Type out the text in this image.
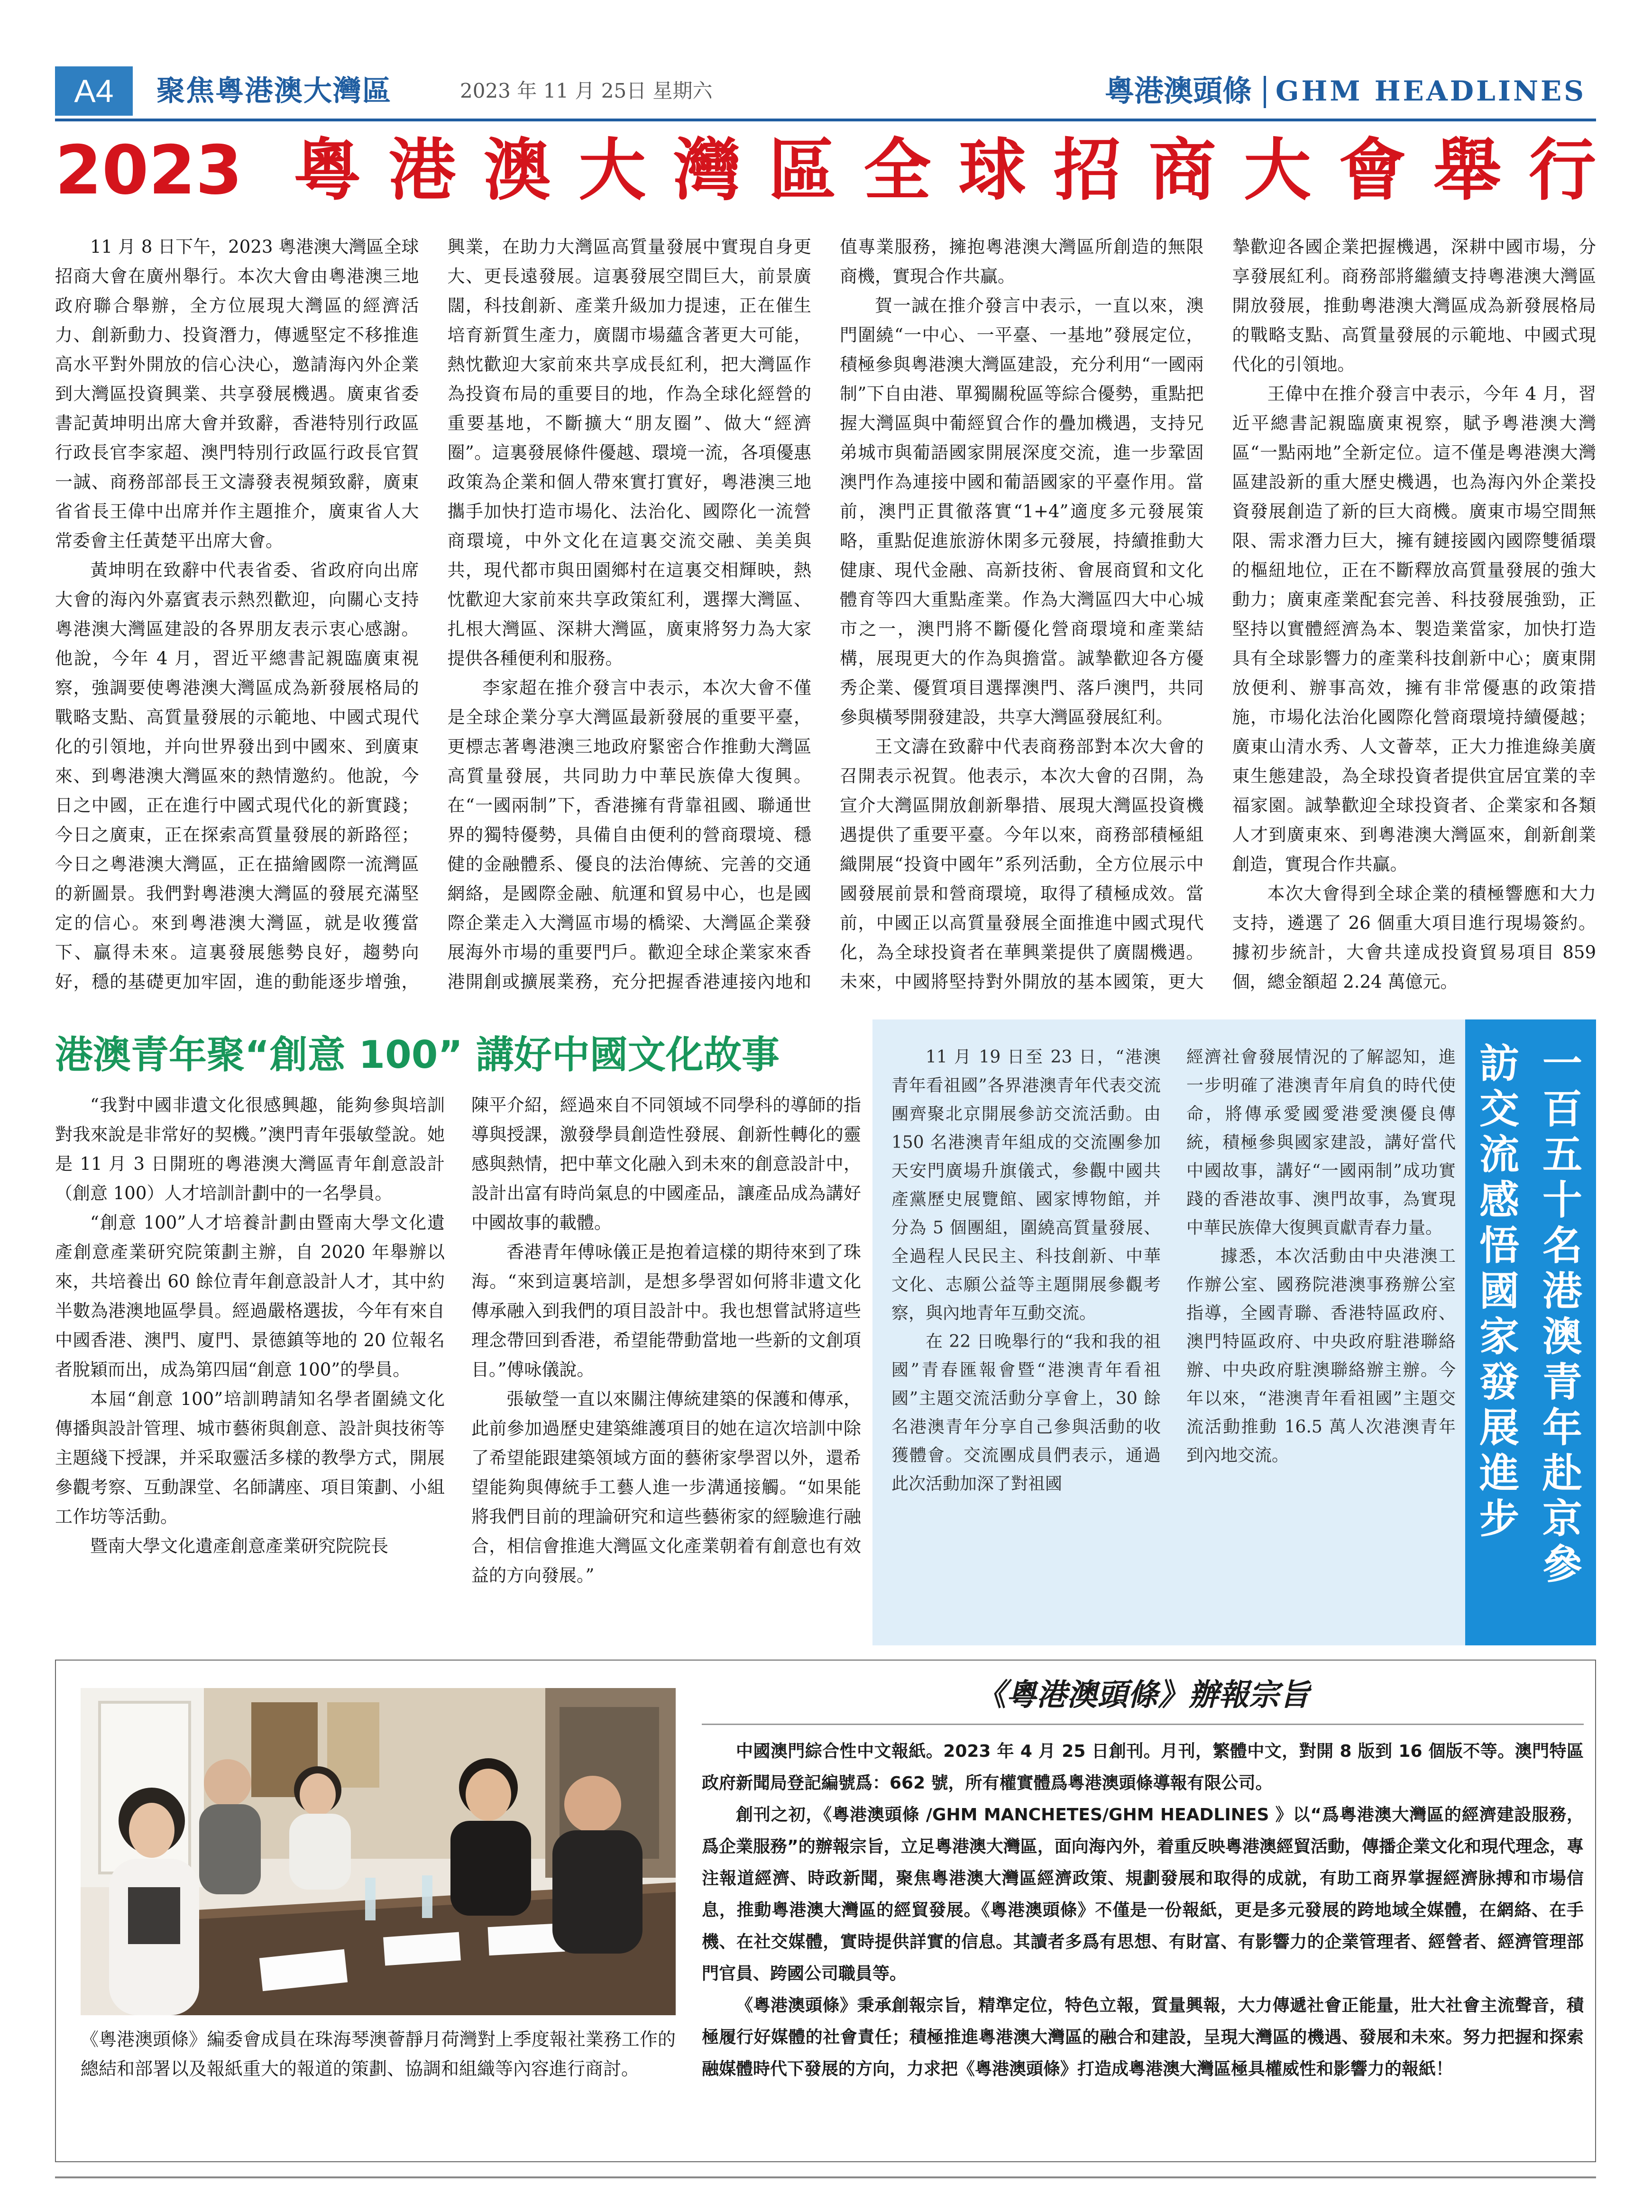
A4	聚焦粵港澳大灣區	2023 年 11 月 25日 星期六	粵港澳頭條 GHM HEADLINES
2023 粵港澳大灣區全球招商大會舉行

11 月 8 日下午，2023 粵港澳大灣區全球招商大會在廣州舉行。本次大會由粵港澳三地政府聯合舉辦，全方位展現大灣區的經濟活力、創新動力、投資潛力，傳遞堅定不移推進高水平對外開放的信心決心，邀請海內外企業到大灣區投資興業、共享發展機遇。廣東省委書記黃坤明出席大會并致辭，香港特別行政區行政長官李家超、澳門特別行政區行政長官賀一誠、商務部部長王文濤發表視頻致辭，廣東省省長王偉中出席并作主題推介，廣東省人大常委會主任黃楚平出席大會。

黃坤明在致辭中代表省委、省政府向出席大會的海內外嘉賓表示熱烈歡迎，向關心支持粵港澳大灣區建設的各界朋友表示衷心感謝。他說，今年 4 月，習近平總書記親臨廣東視察，強調要使粵港澳大灣區成為新發展格局的戰略支點、高質量發展的示範地、中國式現代化的引領地，并向世界發出到中國來、到廣東來、到粵港澳大灣區來的熱情邀約。他說，今日之中國，正在進行中國式現代化的新實踐；今日之廣東，正在探索高質量發展的新路徑；今日之粵港澳大灣區，正在描繪國際一流灣區的新圖景。我們對粵港澳大灣區的發展充滿堅定的信心。來到粵港澳大灣區，就是收獲當下、贏得未來。這裏發展態勢良好，趨勢向好，穩的基礎更加牢固，進的動能逐步增強，

興業，在助力大灣區高質量發展中實現自身更大、更長遠發展。這裏發展空間巨大，前景廣闊，科技創新、產業升級加力提速，正在催生培育新質生產力，廣闊市場蘊含著更大可能，熱忱歡迎大家前來共享成長紅利，把大灣區作為投資布局的重要目的地，作為全球化經營的重要基地，不斷擴大“朋友圈”、做大“經濟圈”。這裏發展條件優越、環境一流，各項優惠政策為企業和個人帶來實打實好，粵港澳三地攜手加快打造市場化、法治化、國際化一流營商環境，中外文化在這裏交流交融、美美與共，現代都市與田園鄉村在這裏交相輝映，熱忱歡迎大家前來共享政策紅利，選擇大灣區、扎根大灣區、深耕大灣區，廣東將努力為大家提供各種便利和服務。

李家超在推介發言中表示，本次大會不僅是全球企業分享大灣區最新發展的重要平臺，更標志著粵港澳三地政府緊密合作推動大灣區高質量發展，共同助力中華民族偉大復興。在“一國兩制”下，香港擁有背靠祖國、聯通世界的獨特優勢，具備自由便利的營商環境、穩健的金融體系、優良的法治傳統、完善的交通網絡，是國際金融、航運和貿易中心，也是國際企業走入大灣區市場的橋梁、大灣區企業發展海外市場的重要門戶。歡迎全球企業家來香港開創或擴展業務，充分把握香港連接內地和

值專業服務，擁抱粵港澳大灣區所創造的無限商機，實現合作共贏。

賀一誠在推介發言中表示，一直以來，澳門圍繞“一中心、一平臺、一基地”發展定位，積極參與粵港澳大灣區建設，充分利用“一國兩制”下自由港、單獨關稅區等綜合優勢，重點把握大灣區與中葡經貿合作的疊加機遇，支持兄弟城市與葡語國家開展深度交流，進一步鞏固澳門作為連接中國和葡語國家的平臺作用。當前，澳門正貫徹落實“1+4”適度多元發展策略，重點促進旅游休閑多元發展，持續推動大健康、現代金融、高新技術、會展商貿和文化體育等四大重點產業。作為大灣區四大中心城市之一，澳門將不斷優化營商環境和產業結構，展現更大的作為與擔當。誠摯歡迎各方優秀企業、優質項目選擇澳門、落戶澳門，共同參與橫琴開發建設，共享大灣區發展紅利。

王文濤在致辭中代表商務部對本次大會的召開表示祝賀。他表示，本次大會的召開，為宣介大灣區開放創新舉措、展現大灣區投資機遇提供了重要平臺。今年以來，商務部積極組織開展“投資中國年”系列活動，全方位展示中國發展前景和營商環境，取得了積極成效。當前，中國正以高質量發展全面推進中國式現代化，為全球投資者在華興業提供了廣闊機遇。未來，中國將堅持對外開放的基本國策，更大

摯歡迎各國企業把握機遇，深耕中國市場，分享發展紅利。商務部將繼續支持粵港澳大灣區開放發展，推動粵港澳大灣區成為新發展格局的戰略支點、高質量發展的示範地、中國式現代化的引領地。

王偉中在推介發言中表示，今年 4 月，習近平總書記親臨廣東視察，賦予粵港澳大灣區“一點兩地”全新定位。這不僅是粵港澳大灣區建設新的重大歷史機遇，也為海內外企業投資發展創造了新的巨大商機。廣東市場空間無限、需求潛力巨大，擁有鏈接國內國際雙循環的樞紐地位，正在不斷釋放高質量發展的強大動力；廣東產業配套完善、科技發展強勁，正堅持以實體經濟為本、製造業當家，加快打造具有全球影響力的產業科技創新中心；廣東開放便利、辦事高效，擁有非常優惠的政策措施，市場化法治化國際化營商環境持續優越；廣東山清水秀、人文薈萃，正大力推進綠美廣東生態建設，為全球投資者提供宜居宜業的幸福家園。誠摯歡迎全球投資者、企業家和各類人才到廣東來、到粵港澳大灣區來，創新創業創造，實現合作共贏。

本次大會得到全球企業的積極響應和大力支持，遴選了 26 個重大項目進行現場簽約。據初步統計，大會共達成投資貿易項目 859 個，總金額超 2.24 萬億元。

港澳青年聚“創意 100” 講好中國文化故事

“我對中國非遺文化很感興趣，能夠參與培訓對我來說是非常好的契機。”澳門青年張敏瑩說。她是 11 月 3 日開班的粵港澳大灣區青年創意設計（創意 100）人才培訓計劃中的一名學員。

“創意 100”人才培養計劃由暨南大學文化遺產創意產業研究院策劃主辦，自 2020 年舉辦以來，共培養出 60 餘位青年創意設計人才，其中約半數為港澳地區學員。經過嚴格選拔，今年有來自中國香港、澳門、廈門、景德鎮等地的 20 位報名者脫穎而出，成為第四屆“創意 100”的學員。

本屆“創意 100”培訓聘請知名學者圍繞文化傳播與設計管理、城市藝術與創意、設計與技術等主題綫下授課，并采取靈活多樣的教學方式，開展參觀考察、互動課堂、名師講座、項目策劃、小組工作坊等活動。

暨南大學文化遺產創意產業研究院院長

陳平介紹，經過來自不同領域不同學科的導師的指導與授課，激發學員創造性發展、創新性轉化的靈感與熱情，把中華文化融入到未來的創意設計中，設計出富有時尚氣息的中國產品，讓產品成為講好中國故事的載體。

香港青年傅咏儀正是抱着這樣的期待來到了珠海。“來到這裏培訓，是想多學習如何將非遺文化傳承融入到我們的項目設計中。我也想嘗試將這些理念帶回到香港，希望能帶動當地一些新的文創項目。”傅咏儀說。

張敏瑩一直以來關注傳統建築的保護和傳承，此前參加過歷史建築維護項目的她在這次培訓中除了希望能跟建築領域方面的藝術家學習以外，還希望能夠與傳統手工藝人進一步溝通接觸。“如果能將我們目前的理論研究和這些藝術家的經驗進行融合，相信會推進大灣區文化產業朝着有創意也有效益的方向發展。”

一百五十名港澳青年赴京參
訪交流 感悟國家發展進步

11 月 19 日至 23 日，“港澳青年看祖國”各界港澳青年代表交流團齊聚北京開展參訪交流活動。由 150 名港澳青年組成的交流團參加天安門廣場升旗儀式，參觀中國共產黨歷史展覽館、國家博物館，并分為 5 個團組，圍繞高質量發展、全過程人民民主、科技創新、中華文化、志願公益等主題開展參觀考察，與內地青年互動交流。

在 22 日晚舉行的“我和我的祖國”青春匯報會暨“港澳青年看祖國”主題交流活動分享會上，30 餘名港澳青年分享自己參與活動的收獲體會。交流團成員們表示，通過此次活動加深了對祖國

經濟社會發展情況的了解認知，進一步明確了港澳青年肩負的時代使命，將傳承愛國愛港愛澳優良傳統，積極參與國家建設，講好當代中國故事，講好“一國兩制”成功實踐的香港故事、澳門故事，為實現中華民族偉大復興貢獻青春力量。

據悉，本次活動由中央港澳工作辦公室、國務院港澳事務辦公室指導，全國青聯、香港特區政府、澳門特區政府、中央政府駐港聯絡辦、中央政府駐澳聯絡辦主辦。今年以來，“港澳青年看祖國”主題交流活動推動 16.5 萬人次港澳青年到內地交流。

《粵港澳頭條》編委會成員在珠海琴澳薈靜月荷灣對上季度報社業務工作的總結和部署以及報紙重大的報道的策劃、協調和組織等內容進行商討。
《粵港澳頭條》辦報宗旨

中國澳門綜合性中文報紙。2023 年 4 月 25 日創刊。月刊，繁體中文，對開 8 版到 16 個版不等。澳門特區政府新聞局登記編號爲：662 號，所有權實體爲粵港澳頭條導報有限公司。

創刊之初，《粵港澳頭條 /GHM MANCHETES/GHM HEADLINES 》以“爲粵港澳大灣區的經濟建設服務，爲企業服務”的辦報宗旨，立足粵港澳大灣區，面向海內外，着重反映粵港澳經貿活動，傳播企業文化和現代理念，專注報道經濟、時政新聞，聚焦粵港澳大灣區經濟政策、規劃發展和取得的成就，有助工商界掌握經濟脉搏和市場信息，推動粵港澳大灣區的經貿發展。《粵港澳頭條》不僅是一份報紙，更是多元發展的跨地域全媒體，在網絡、在手機、在社交媒體，實時提供詳實的信息。其讀者多爲有思想、有財富、有影響力的企業管理者、經營者、經濟管理部門官員、跨國公司職員等。

《粵港澳頭條》秉承創報宗旨，精準定位，特色立報，質量興報，大力傳遞社會正能量，壯大社會主流聲音，積極履行好媒體的社會責任；積極推進粵港澳大灣區的融合和建設，呈現大灣區的機遇、發展和未來。努力把握和探索融媒體時代下發展的方向，力求把《粵港澳頭條》打造成粵港澳大灣區極具權威性和影響力的報紙！
